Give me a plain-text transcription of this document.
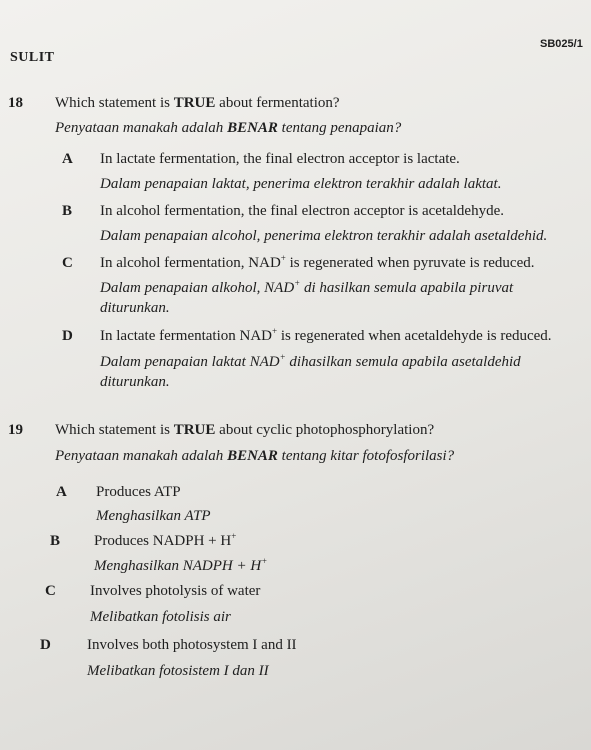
SULIT
SB025/1
18 Which statement is TRUE about fermentation?
Penyataan manakah adalah BENAR tentang penapaian?
A In lactate fermentation, the final electron acceptor is lactate.
Dalam penapaian laktat, penerima elektron terakhir adalah laktat.
B In alcohol fermentation, the final electron acceptor is acetaldehyde.
Dalam penapaian alcohol, penerima elektron terakhir adalah asetaldehid.
C In alcohol fermentation, NAD+ is regenerated when pyruvate is reduced.
Dalam penapaian alkohol, NAD+ di hasilkan semula apabila piruvat
diturunkan.
D In lactate fermentation NAD+ is regenerated when acetaldehyde is reduced.
Dalam penapaian laktat NAD+ dihasilkan semula apabila asetaldehid
diturunkan.
19 Which statement is TRUE about cyclic photophosphorylation?
Penyataan manakah adalah BENAR tentang kitar fotofosforilasi?
A Produces ATP
Menghasilkan ATP
B Produces NADPH + H+
Menghasilkan NADPH + H+
C Involves photolysis of water
Melibatkan fotolisis air
D Involves both photosystem I and II
Melibatkan fotosistem I dan II
